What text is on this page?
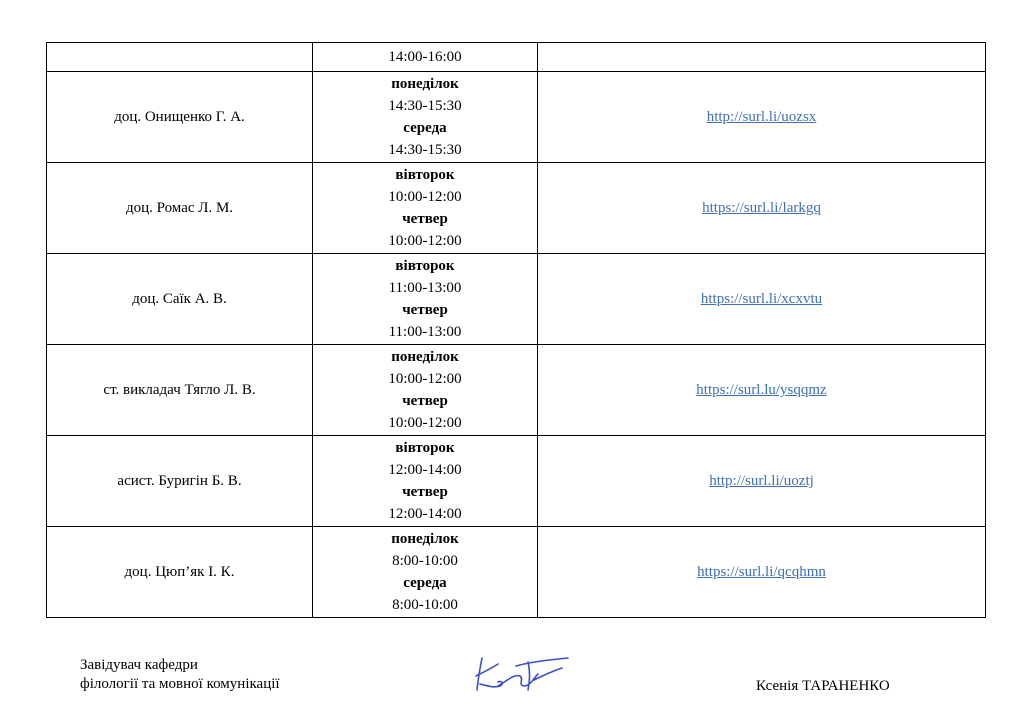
	14:00-16:00	
доц. Онищенко Г. А.	понеділок
14:30-15:30
середа
14:30-15:30	http://surl.li/uozsx
доц. Ромас Л. М.	вівторок
10:00-12:00
четвер
10:00-12:00	https://surl.li/larkgq
доц. Саїк А. В.	вівторок
11:00-13:00
четвер
11:00-13:00	https://surl.li/xcxvtu
ст. викладач Тягло Л. В.	понеділок
10:00-12:00
четвер
10:00-12:00	https://surl.lu/ysqqmz
асист. Буригін Б. В.	вівторок
12:00-14:00
четвер
12:00-14:00	http://surl.li/uoztj
доц. Цюп’як І. К.	понеділок
8:00-10:00
середа
8:00-10:00	https://surl.li/qcqhmn
Завідувач кафедри
філології та мовної комунікації	Ксенія ТАРАНЕНКО
